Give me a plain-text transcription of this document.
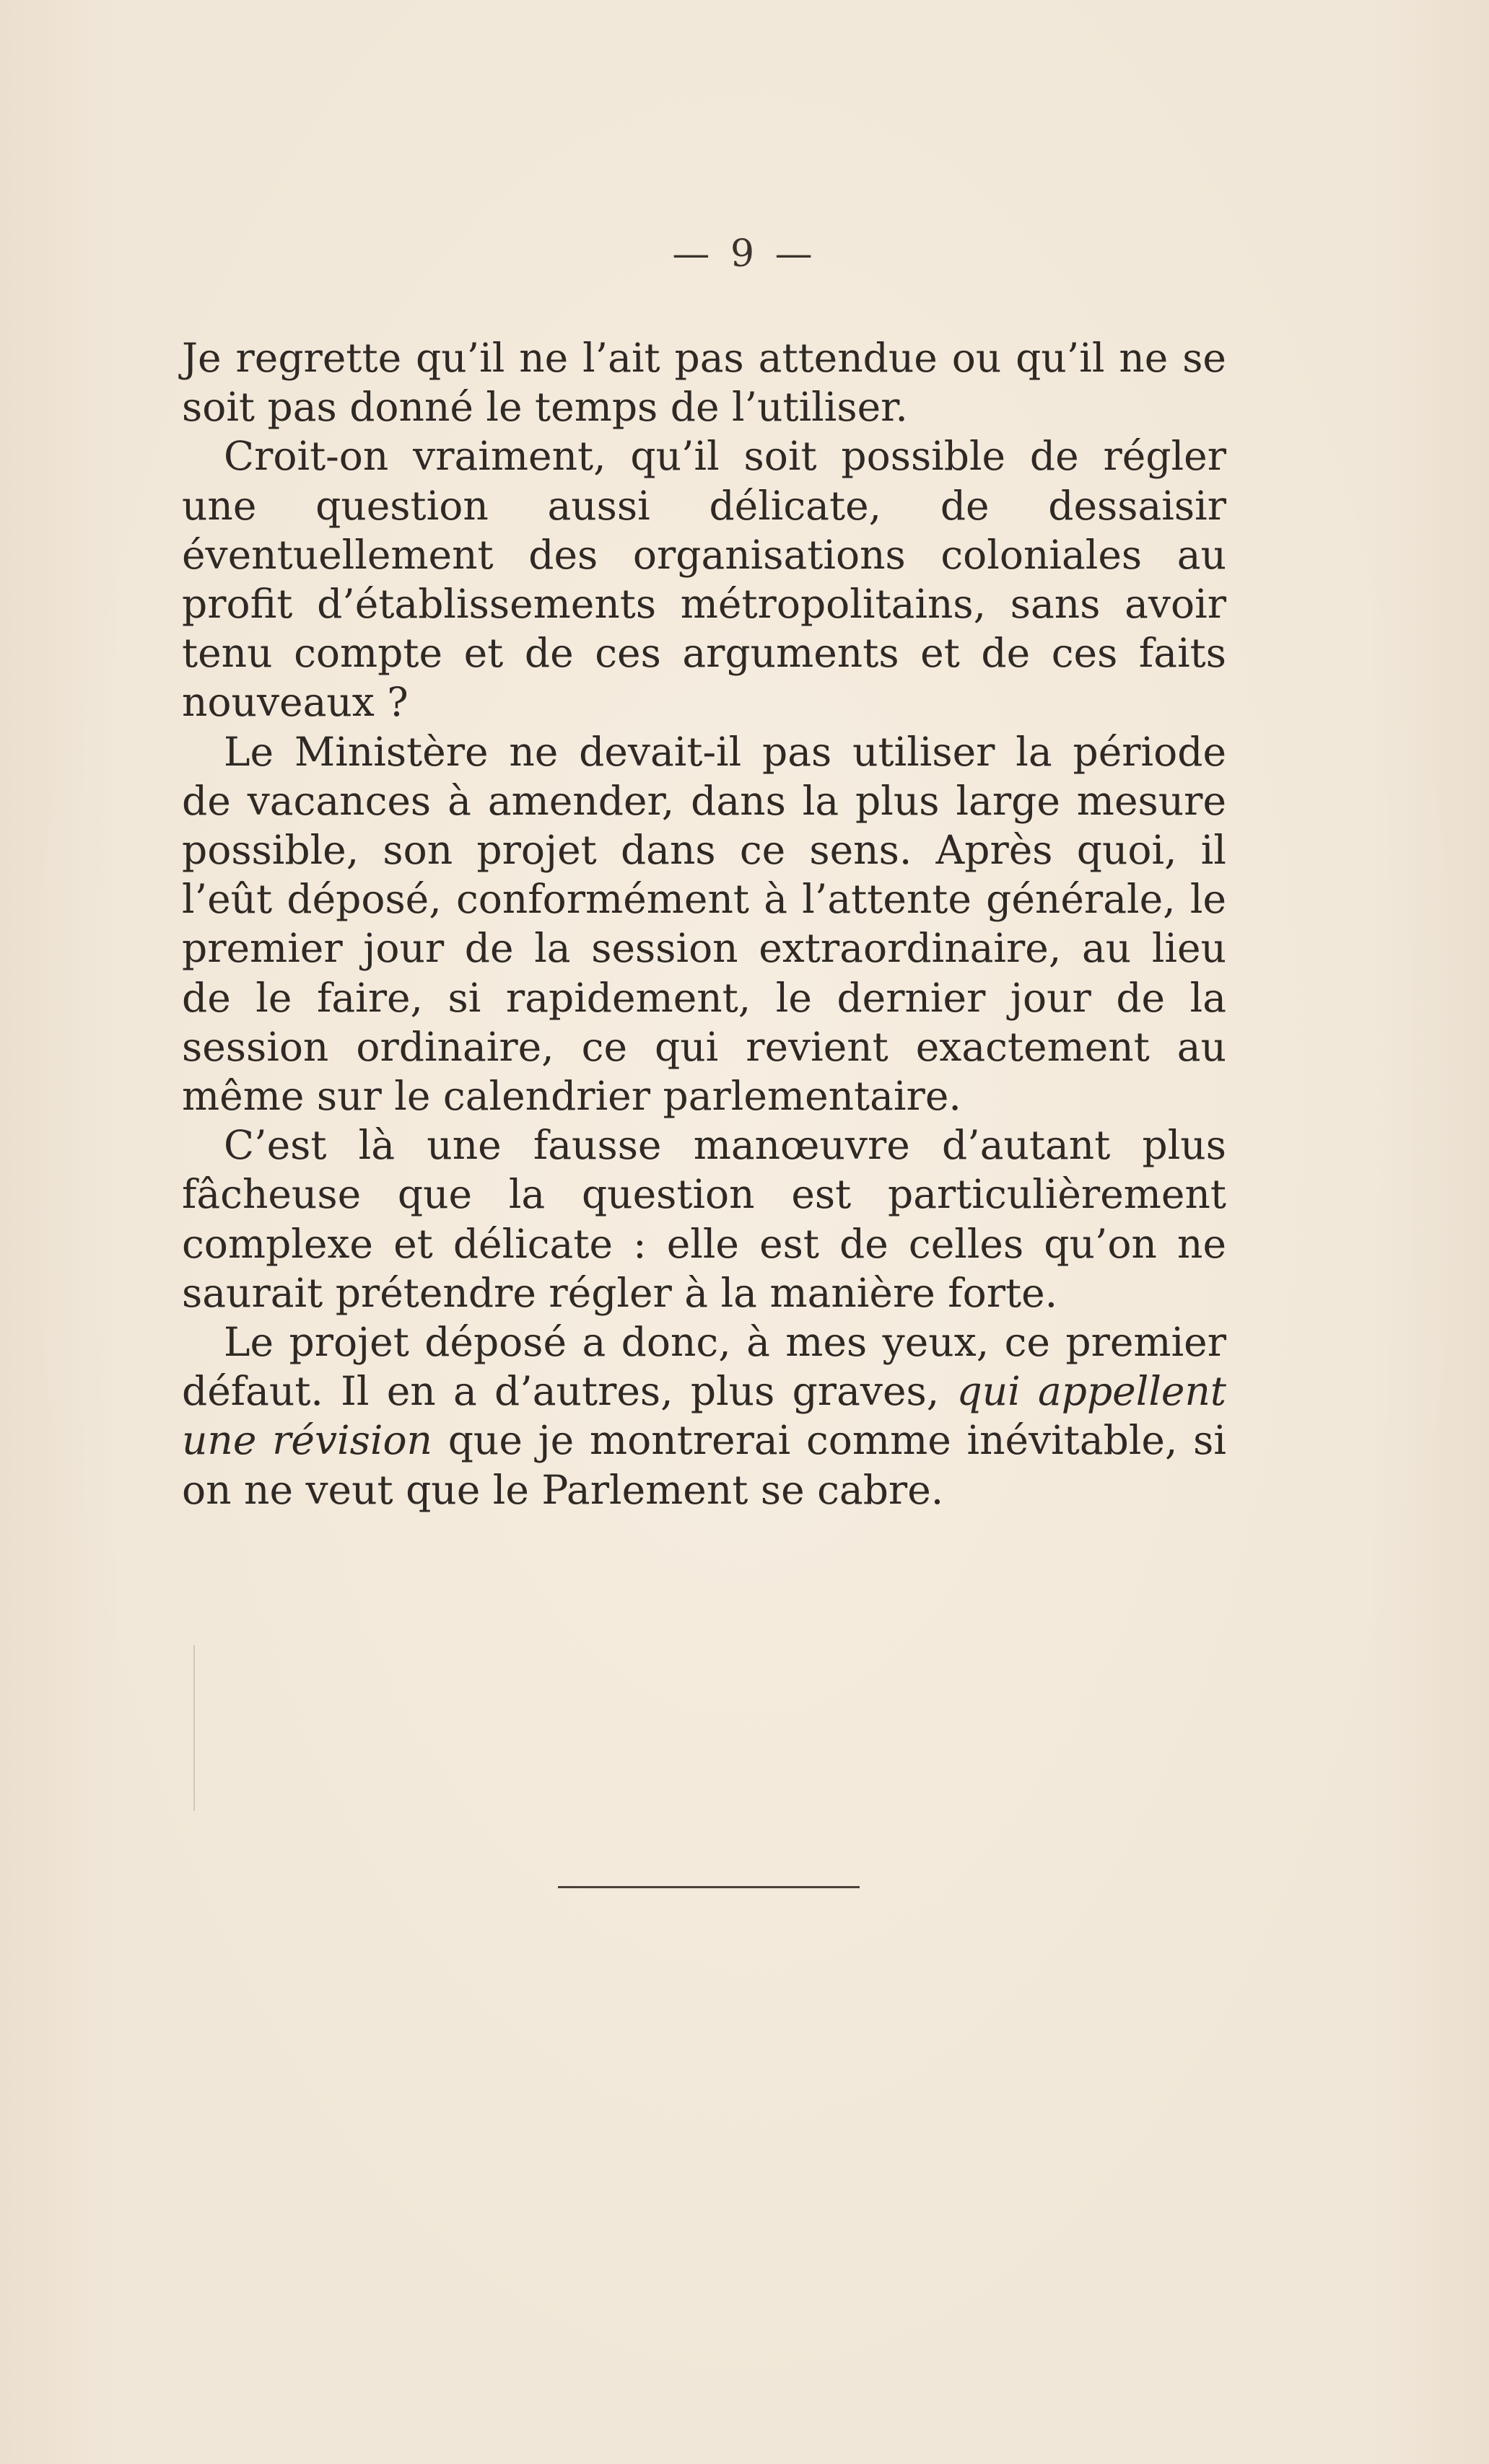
— 9 —

Je regrette qu’il ne l’ait pas attendue ou qu’il ne se soit pas donné le temps de l’utiliser.

Croit-on vraiment, qu’il soit possible de régler une question aussi délicate, de dessaisir éventuellement des organisations coloniales au profit d’établissements métropolitains, sans avoir tenu compte et de ces arguments et de ces faits nouveaux ?

Le Ministère ne devait-il pas utiliser la période de vacances à amender, dans la plus large mesure possible, son projet dans ce sens. Après quoi, il l’eût déposé, conformément à l’attente générale, le premier jour de la session extraordinaire, au lieu de le faire, si rapidement, le dernier jour de la session ordinaire, ce qui revient exactement au même sur le calendrier parlementaire.

C’est là une fausse manœuvre d’autant plus fâcheuse que la question est particulièrement complexe et délicate : elle est de celles qu’on ne saurait prétendre régler à la manière forte.

Le projet déposé a donc, à mes yeux, ce premier défaut. Il en a d’autres, plus graves, qui appellent une révision que je montrerai comme inévitable, si on ne veut que le Parlement se cabre.
